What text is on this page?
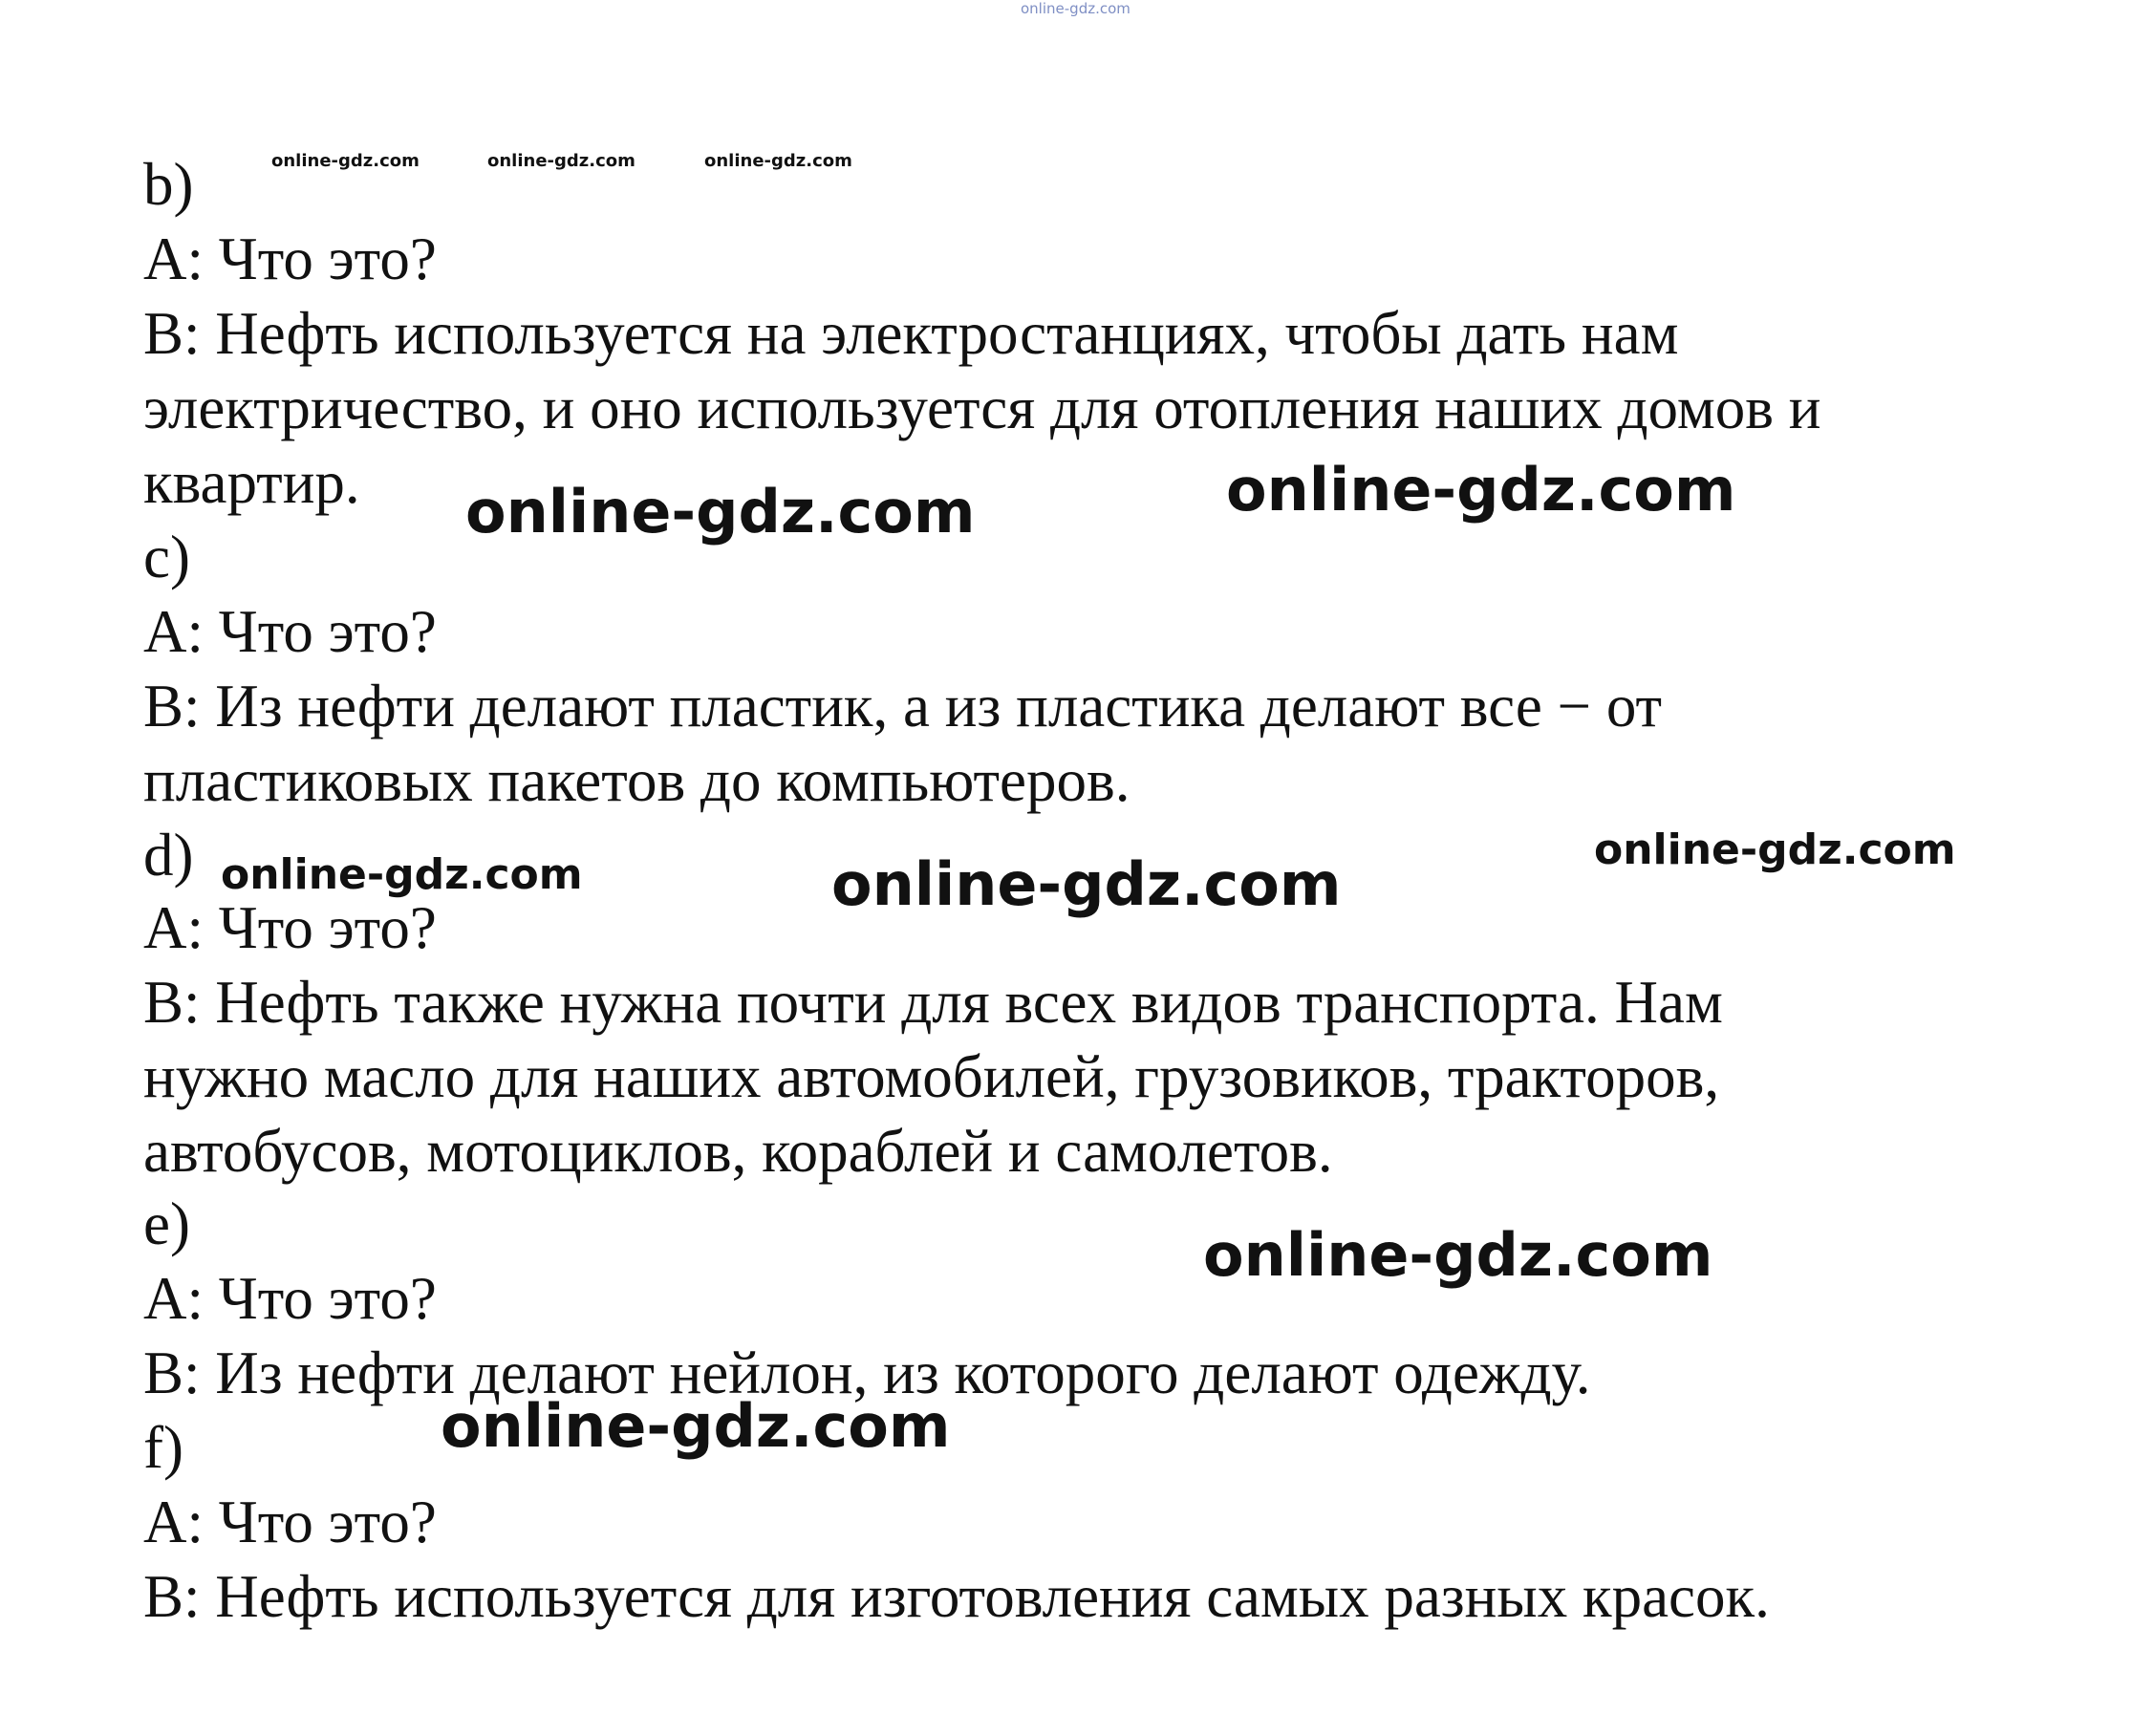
online-gdz.com

b)

A: Что это?

B: Нефть используется на электростанциях, чтобы дать нам

электричество, и оно используется для отопления наших домов и

квартир.

c)

A: Что это?

B: Из нефти делают пластик, а из пластика делают все − от

пластиковых пакетов до компьютеров.

d)

A: Что это?

B: Нефть также нужна почти для всех видов транспорта. Нам

нужно масло для наших автомобилей, грузовиков, тракторов,

автобусов, мотоциклов, кораблей и самолетов.

e)

A: Что это?

B: Из нефти делают нейлон, из которого делают одежду.

f)

A: Что это?

B: Нефть используется для изготовления самых разных красок.

online-gdz.com	online-gdz.com	online-gdz.com
online-gdz.com	online-gdz.com
online-gdz.com
online-gdz.com
online-gdz.com
online-gdz.com
online-gdz.com
